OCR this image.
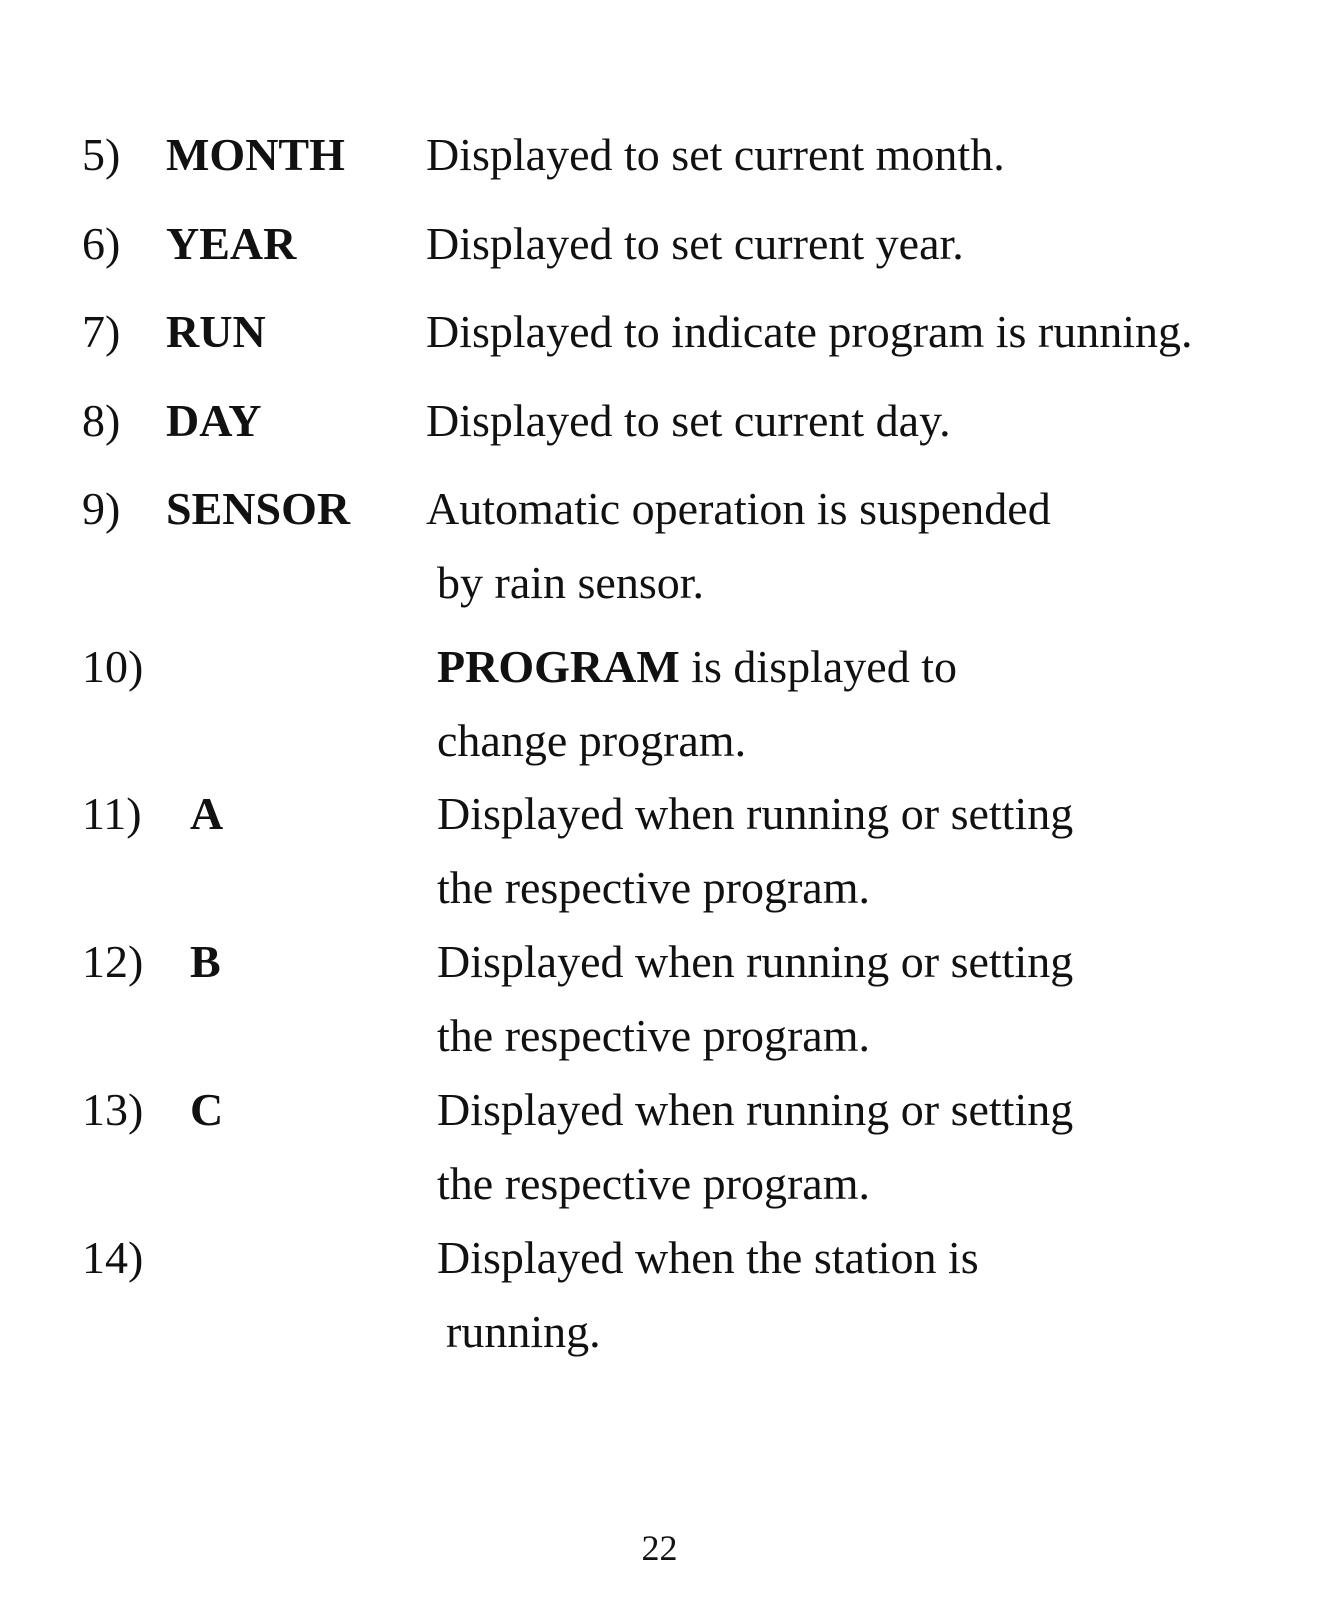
5) MONTH Displayed to set current month.
6) YEAR	Displayed to set current year.
7) RUN	Displayed to indicate program is running.
8) DAY	Displayed to set current day.
9) SENSOR Automatic operation is suspended
by rain sensor.
10)	PROGRAM is displayed to
change program.
11) A	Displayed when running or setting
the respective program.
12) B	Displayed when running or setting
the respective program.
13) C	Displayed when running or setting
the respective program.
14)	Displayed when the station is
running.
22
